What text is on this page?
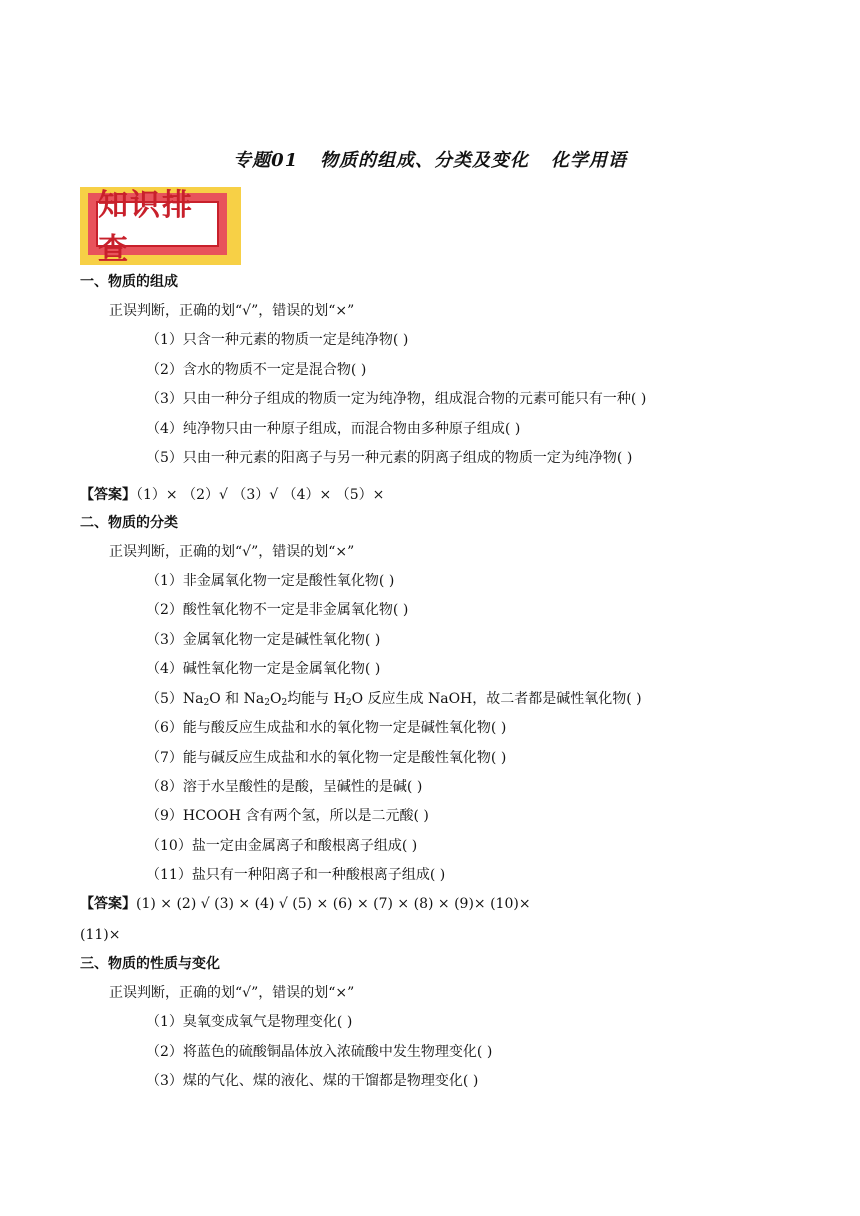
专题01   物质的组成、分类及变化   化学用语
知识排查
一、物质的组成
正误判断，正确的划“√”，错误的划“×”
（1）只含一种元素的物质一定是纯净物( )
（2）含水的物质不一定是混合物( )
（3）只由一种分子组成的物质一定为纯净物，组成混合物的元素可能只有一种( )
（4）纯净物只由一种原子组成，而混合物由多种原子组成( )
（5）只由一种元素的阳离子与另一种元素的阴离子组成的物质一定为纯净物( )
【答案】（1）× （2）√ （3）√ （4）× （5）×
二、物质的分类
正误判断，正确的划“√”，错误的划“×”
（1）非金属氧化物一定是酸性氧化物( )
（2）酸性氧化物不一定是非金属氧化物( )
（3）金属氧化物一定是碱性氧化物( )
（4）碱性氧化物一定是金属氧化物( )
$(5)Na_2O$ 和 $Na_2O_2$均能与 $H_2O$ 反应生成 NaOH，故二者都是碱性氧化物( )
（6）能与酸反应生成盐和水的氧化物一定是碱性氧化物( )
（7）能与碱反应生成盐和水的氧化物一定是酸性氧化物( )
（8）溶于水呈酸性的是酸，呈碱性的是碱( )
（9）HCOOH 含有两个氢，所以是二元酸( )
（10）盐一定由金属离子和酸根离子组成( )
（11）盐只有一种阳离子和一种酸根离子组成( )
【答案】(1) × (2) √ (3) × (4) √ (5) × (6) × (7) × (8) × (9)× (10)×
(11)×
三、物质的性质与变化
正误判断，正确的划“√”，错误的划“×”
（1）臭氧变成氧气是物理变化( )
（2）将蓝色的硫酸铜晶体放入浓硫酸中发生物理变化( )
（3）煤的气化、煤的液化、煤的干馏都是物理变化( )
